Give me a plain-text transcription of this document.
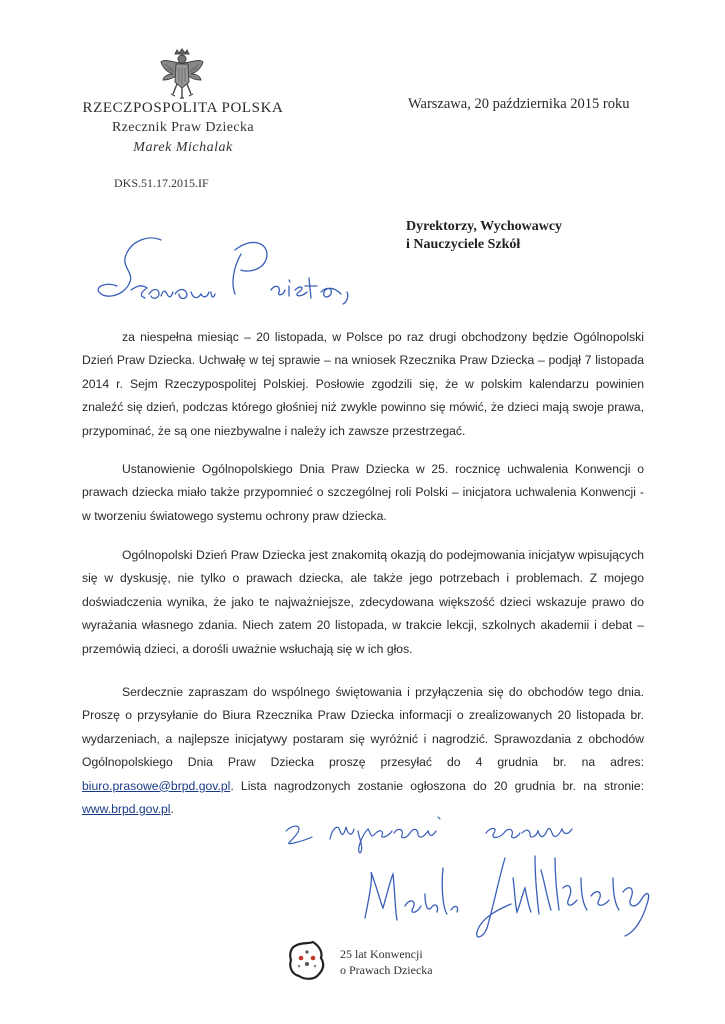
RZECZPOSPOLITA POLSKA
Rzecznik Praw Dziecka
Marek Michalak
DKS.51.17.2015.IF
Warszawa, 20 października 2015 roku
Dyrektorzy, Wychowawcy
i Nauczyciele Szkół
za niespełna miesiąc – 20 listopada, w Polsce po raz drugi obchodzony będzie Ogólnopolski Dzień Praw Dziecka. Uchwałę w tej sprawie – na wniosek Rzecznika Praw Dziecka – podjął 7 listopada 2014 r. Sejm Rzeczypospolitej Polskiej. Posłowie zgodzili się, że w polskim kalendarzu powinien znaleźć się dzień, podczas którego głośniej niż zwykle powinno się mówić, że dzieci mają swoje prawa, przypominać, że są one niezbywalne i należy ich zawsze przestrzegać.
Ustanowienie Ogólnopolskiego Dnia Praw Dziecka w 25. rocznicę uchwalenia Konwencji o prawach dziecka miało także przypomnieć o szczególnej roli Polski – inicjatora uchwalenia Konwencji - w tworzeniu światowego systemu ochrony praw dziecka.
Ogólnopolski Dzień Praw Dziecka jest znakomitą okazją do podejmowania inicjatyw wpisujących się w dyskusję, nie tylko o prawach dziecka, ale także jego potrzebach i problemach. Z mojego doświadczenia wynika, że jako te najważniejsze, zdecydowana większość dzieci wskazuje prawo do wyrażania własnego zdania. Niech zatem 20 listopada, w trakcie lekcji, szkolnych akademii i debat – przemówią dzieci, a dorośli uważnie wsłuchają się w ich głos.
Serdecznie zapraszam do wspólnego świętowania i przyłączenia się do obchodów tego dnia. Proszę o przysyłanie do Biura Rzecznika Praw Dziecka informacji o zrealizowanych 20 listopada br. wydarzeniach, a najlepsze inicjatywy postaram się wyróżnić i nagrodzić. Sprawozdania z obchodów Ogólnopolskiego Dnia Praw Dziecka proszę przesyłać do 4 grudnia br. na adres: biuro.prasowe@brpd.gov.pl. Lista nagrodzonych zostanie ogłoszona do 20 grudnia br. na stronie: www.brpd.gov.pl.
25 lat Konwencji
o Prawach Dziecka
